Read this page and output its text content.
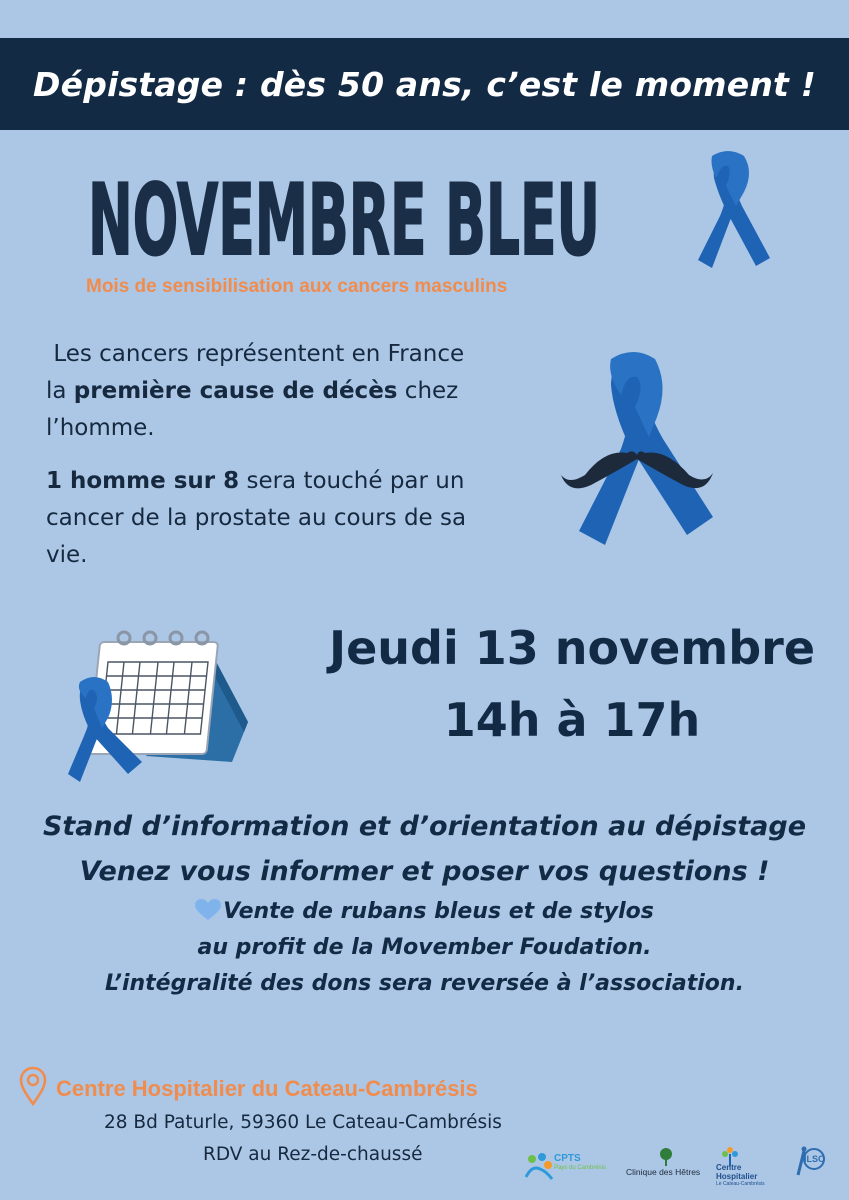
Dépistage : dès 50 ans, c’est le moment !
NOVEMBRE BLEU
Mois de sensibilisation aux cancers masculins

Les cancers représentent en France la première cause de décès chez l’homme.

1 homme sur 8 sera touché par un cancer de la prostate au cours de sa vie.

Jeudi 13 novembre
14h à 17h
Stand d’information et d’orientation au dépistage
Venez vous informer et poser vos questions !
Vente de rubans bleus et de stylos
au profit de la Movember Foudation.
L’intégralité des dons sera reversée à l’association.
Centre Hospitalier du Cateau-Cambrésis
28 Bd Paturle, 59360 Le Cateau-Cambrésis
RDV au Rez-de-chaussé	CPTS
Pays du Cambrésis Clinique des Hêtres Centre Hospitalier
Le Cateau-Cambrésis
ILSO
